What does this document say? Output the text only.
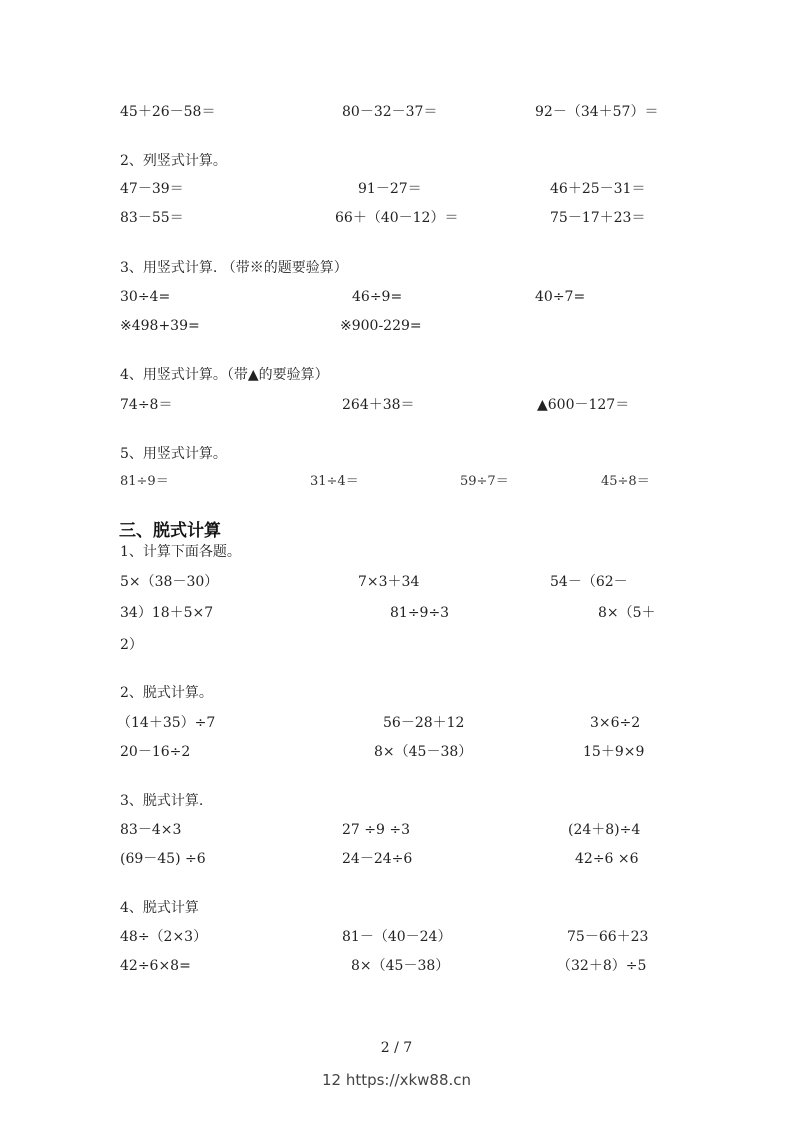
45＋26－58＝	80－32－37＝	92－（34＋57）＝
2、列竖式计算。
47－39＝	91－27＝	46＋25－31＝
83－55＝	66＋（40－12）＝	75－17＋23＝
3、用竖式计算. （带※的题要验算）
30÷4=	46÷9=	40÷7=
※498+39=	※900-229=
4、用竖式计算。（带▲的要验算）
74÷8＝	264＋38＝	▲600－127＝
5、用竖式计算。
81÷9＝	31÷4＝	59÷7＝	45÷8＝
三、脱式计算
1、计算下面各题。
5×（38－30）	7×3＋34	54－（62－
34）18＋5×7	81÷9÷3	8×（5＋
2）
2、脱式计算。
（14＋35）÷7	56－28＋12	3×6÷2
20－16÷2	8×（45－38）	15＋9×9
3、脱式计算.
83－4×3	27 ÷9 ÷3	(24＋8)÷4
(69－45) ÷6	24－24÷6	42÷6 ×6
4、脱式计算
48÷（2×3）	81－（40－24）	75－66＋23
42÷6×8=	8×（45－38）	（32＋8）÷5
2 / 7
12 https://xkw88.cn
